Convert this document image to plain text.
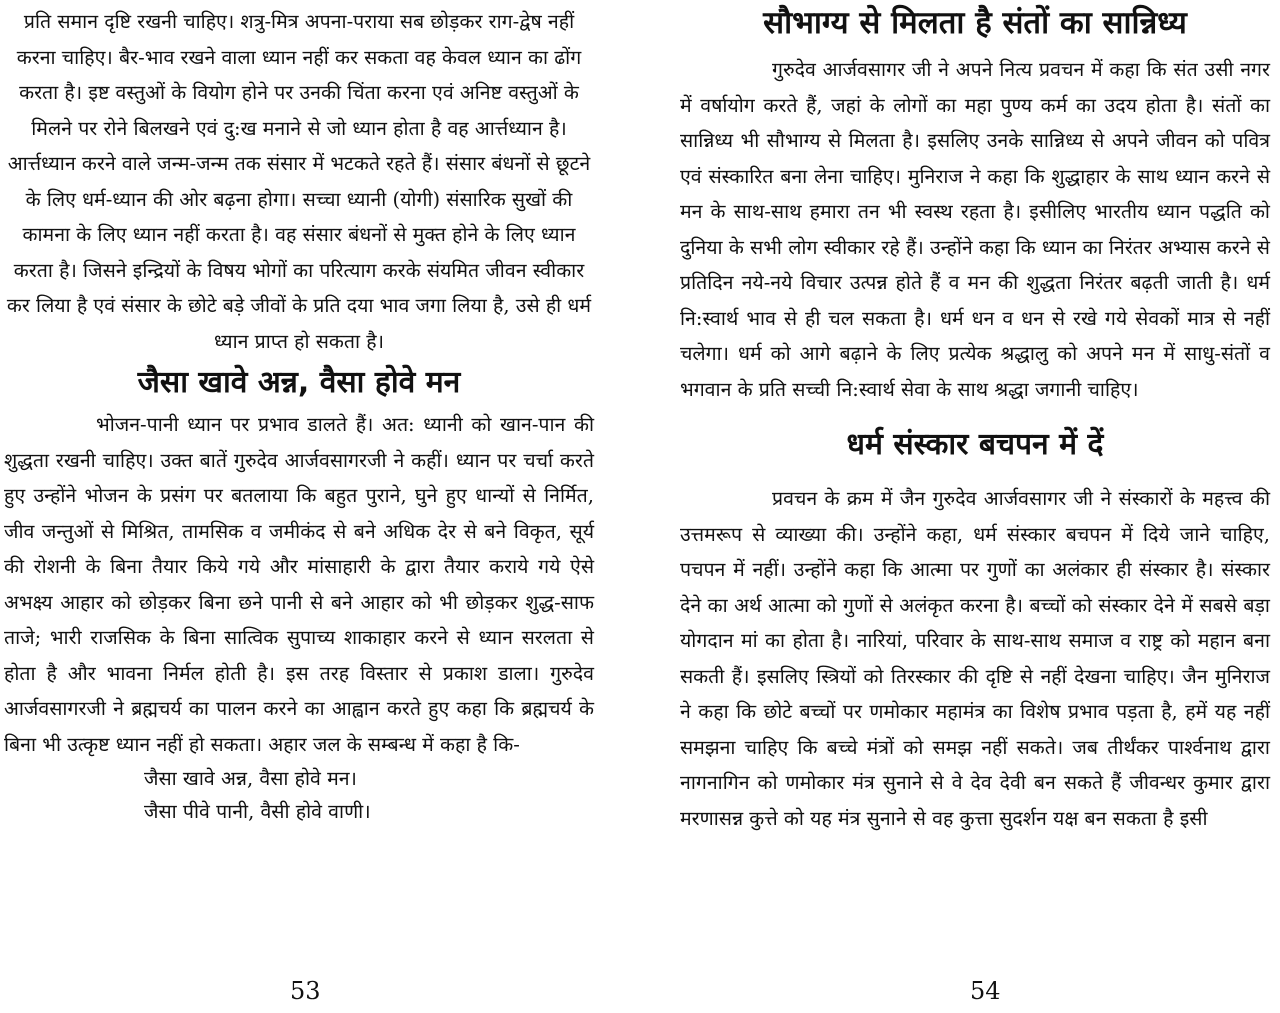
प्रति समान दृष्टि रखनी चाहिए। शत्रु-मित्र अपना-पराया सब छोड़कर राग-द्वेष नहीं करना चाहिए। बैर-भाव रखने वाला ध्यान नहीं कर सकता वह केवल ध्यान का ढोंग करता है। इष्ट वस्तुओं के वियोग होने पर उनकी चिंता करना एवं अनिष्ट वस्तुओं के मिलने पर रोने बिलखने एवं दु:ख मनाने से जो ध्यान होता है वह आर्त्तध्यान है। आर्त्तध्यान करने वाले जन्म-जन्म तक संसार में भटकते रहते हैं। संसार बंधनों से छूटने के लिए धर्म-ध्यान की ओर बढ़ना होगा। सच्चा ध्यानी (योगी) संसारिक सुखों की कामना के लिए ध्यान नहीं करता है। वह संसार बंधनों से मुक्त होने के लिए ध्यान करता है। जिसने इन्द्रियों के विषय भोगों का परित्याग करके संयमित जीवन स्वीकार कर लिया है एवं संसार के छोटे बड़े जीवों के प्रति दया भाव जगा लिया है, उसे ही धर्म ध्यान प्राप्त हो सकता है।

जैसा खावे अन्न, वैसा होवे मन

भोजन-पानी ध्यान पर प्रभाव डालते हैं। अत: ध्यानी को खान-पान की शुद्धता रखनी चाहिए। उक्त बातें गुरुदेव आर्जवसागरजी ने कहीं। ध्यान पर चर्चा करते हुए उन्होंने भोजन के प्रसंग पर बतलाया कि बहुत पुराने, घुने हुए धान्यों से निर्मित, जीव जन्तुओं से मिश्रित, तामसिक व जमीकंद से बने अधिक देर से बने विकृत, सूर्य की रोशनी के बिना तैयार किये गये और मांसाहारी के द्वारा तैयार कराये गये ऐसे अभक्ष्य आहार को छोड़कर बिना छने पानी से बने आहार को भी छोड़कर शुद्ध-साफ ताजे; भारी राजसिक के बिना सात्विक सुपाच्य शाकाहार करने से ध्यान सरलता से होता है और भावना निर्मल होती है। इस तरह विस्तार से प्रकाश डाला। गुरुदेव आर्जवसागरजी ने ब्रह्मचर्य का पालन करने का आह्वान करते हुए कहा कि ब्रह्मचर्य के बिना भी उत्कृष्ट ध्यान नहीं हो सकता। अहार जल के सम्बन्ध में कहा है कि-

जैसा खावे अन्न, वैसा होवे मन।

जैसा पीवे पानी, वैसी होवे वाणी।

53
सौभाग्य से मिलता है संतों का सान्निध्य

गुरुदेव आर्जवसागर जी ने अपने नित्य प्रवचन में कहा कि संत उसी नगर में वर्षायोग करते हैं, जहां के लोगों का महा पुण्य कर्म का उदय होता है। संतों का सान्निध्य भी सौभाग्य से मिलता है। इसलिए उनके सान्निध्य से अपने जीवन को पवित्र एवं संस्कारित बना लेना चाहिए। मुनिराज ने कहा कि शुद्धाहार के साथ ध्यान करने से मन के साथ-साथ हमारा तन भी स्वस्थ रहता है। इसीलिए भारतीय ध्यान पद्धति को दुनिया के सभी लोग स्वीकार रहे हैं। उन्होंने कहा कि ध्यान का निरंतर अभ्यास करने से प्रतिदिन नये-नये विचार उत्पन्न होते हैं व मन की शुद्धता निरंतर बढ़ती जाती है। धर्म नि:स्वार्थ भाव से ही चल सकता है। धर्म धन व धन से रखे गये सेवकों मात्र से नहीं चलेगा। धर्म को आगे बढ़ाने के लिए प्रत्येक श्रद्धालु को अपने मन में साधु-संतों व भगवान के प्रति सच्ची नि:स्वार्थ सेवा के साथ श्रद्धा जगानी चाहिए।

धर्म संस्कार बचपन में दें

प्रवचन के क्रम में जैन गुरुदेव आर्जवसागर जी ने संस्कारों के महत्त्व की उत्तमरूप से व्याख्या की। उन्होंने कहा, धर्म संस्कार बचपन में दिये जाने चाहिए, पचपन में नहीं। उन्होंने कहा कि आत्मा पर गुणों का अलंकार ही संस्कार है। संस्कार देने का अर्थ आत्मा को गुणों से अलंकृत करना है। बच्चों को संस्कार देने में सबसे बड़ा योगदान मां का होता है। नारियां, परिवार के साथ-साथ समाज व राष्ट्र को महान बना सकती हैं। इसलिए स्त्रियों को तिरस्कार की दृष्टि से नहीं देखना चाहिए। जैन मुनिराज ने कहा कि छोटे बच्चों पर णमोकार महामंत्र का विशेष प्रभाव पड़ता है, हमें यह नहीं समझना चाहिए कि बच्चे मंत्रों को समझ नहीं सकते। जब तीर्थंकर पार्श्वनाथ द्वारा नागनागिन को णमोकार मंत्र सुनाने से वे देव देवी बन सकते हैं जीवन्धर कुमार द्वारा मरणासन्न कुत्ते को यह मंत्र सुनाने से वह कुत्ता सुदर्शन यक्ष बन सकता है इसी

54
